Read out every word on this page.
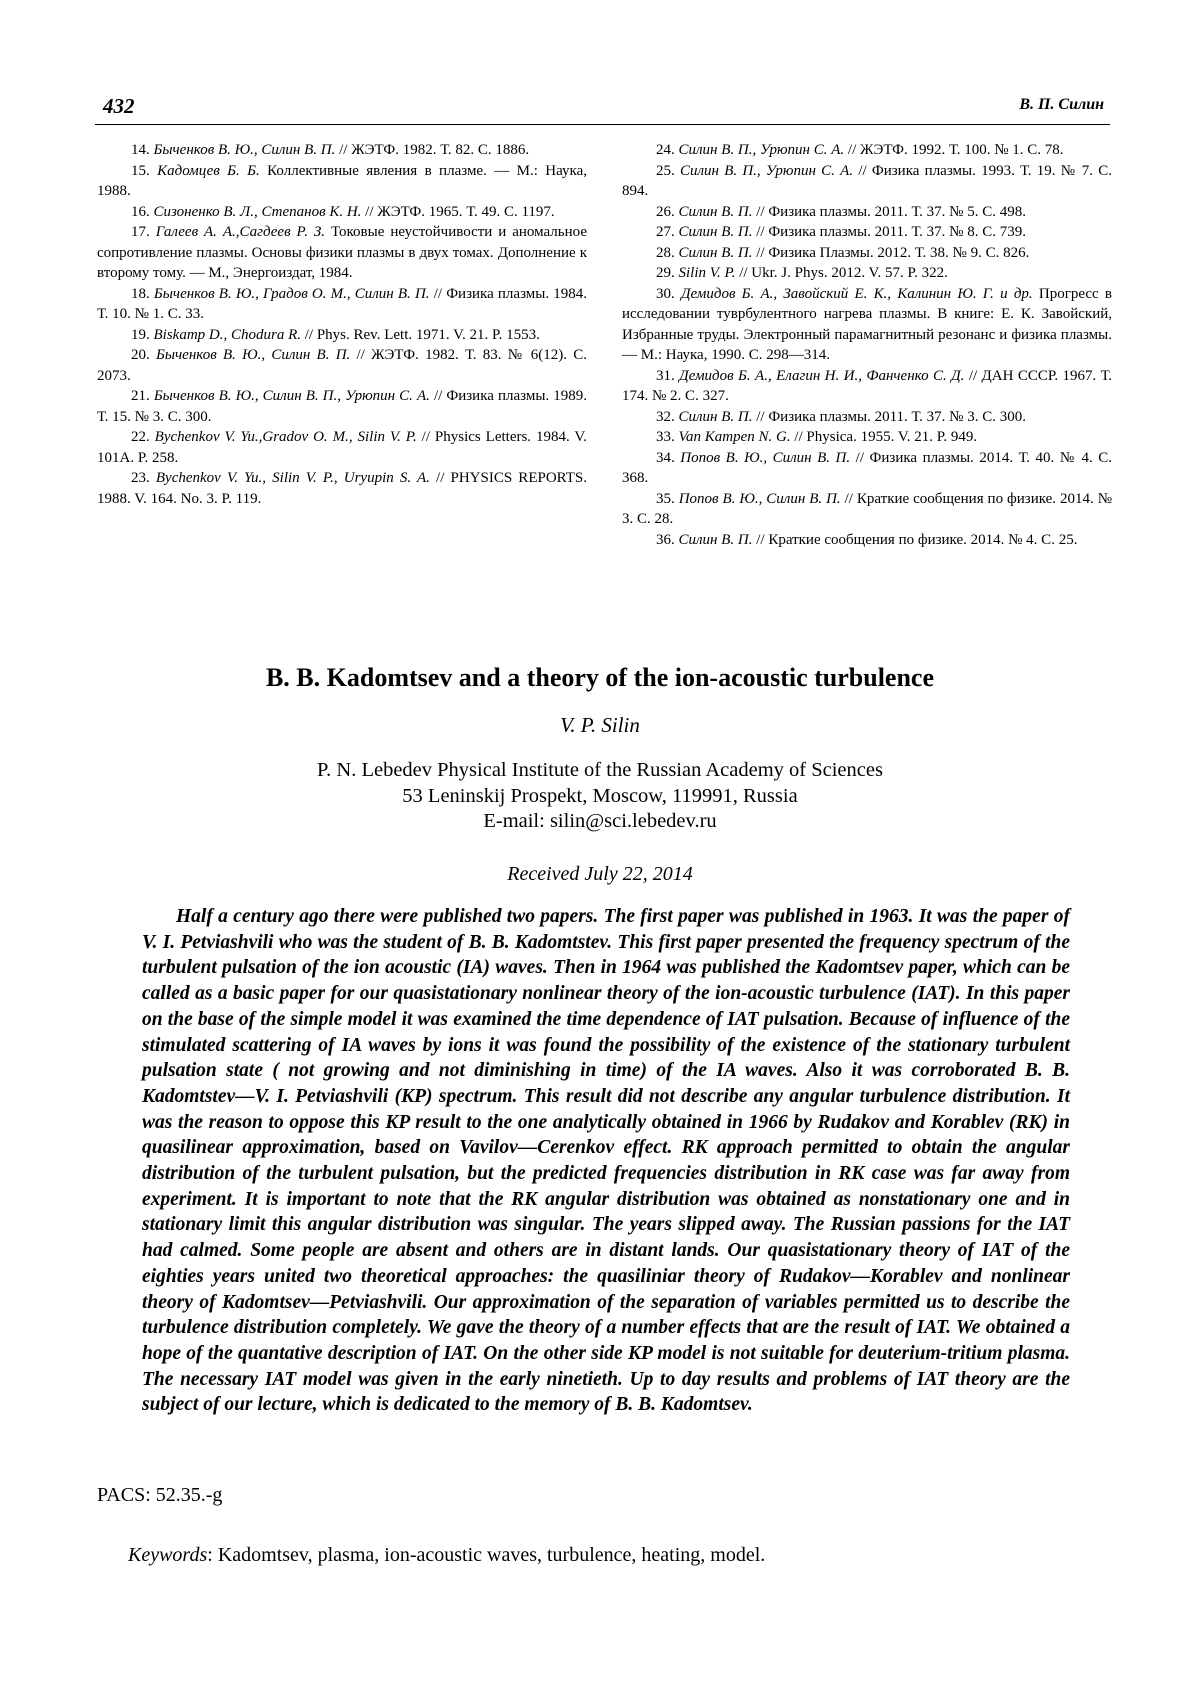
432	В. П. Силин

14. Быченков В. Ю., Силин В. П. // ЖЭТФ. 1982. Т. 82. С. 1886.

15. Кадомцев Б. Б. Коллективные явления в плазме. — М.: Наука, 1988.

16. Сизоненко В. Л., Степанов К. Н. // ЖЭТФ. 1965. Т. 49. С. 1197.

17. Галеев А. А.,Сагдеев Р. З. Токовые неустойчивости и аномальное сопротивление плазмы. Основы физики плазмы в двух томах. Дополнение к второму тому. — М., Энергоиздат, 1984.

18. Быченков В. Ю., Градов О. М., Силин В. П. // Физика плазмы. 1984. Т. 10. № 1. С. 33.

19. Biskamp D., Chodura R. // Phys. Rev. Lett. 1971. V. 21. P. 1553.

20. Быченков В. Ю., Силин В. П. // ЖЭТФ. 1982. Т. 83. № 6(12). С. 2073.

21. Быченков В. Ю., Силин В. П., Урюпин С. А. // Физика плазмы. 1989. Т. 15. № 3. С. 300.

22. Bychenkov V. Yu.,Gradov O. M., Silin V. P. // Physics Letters. 1984. V. 101A. P. 258.

23. Bychenkov V. Yu., Silin V. P., Uryupin S. A. // PHYSICS REPORTS. 1988. V. 164. No. 3. P. 119.

24. Силин В. П., Урюпин С. А. // ЖЭТФ. 1992. Т. 100. № 1. С. 78.

25. Силин В. П., Урюпин С. А. // Физика плазмы. 1993. Т. 19. № 7. С. 894.

26. Силин В. П. // Физика плазмы. 2011. Т. 37. № 5. С. 498.

27. Силин В. П. // Физика плазмы. 2011. Т. 37. № 8. С. 739.

28. Силин В. П. // Физика Плазмы. 2012. Т. 38. № 9. С. 826.

29. Silin V. P. // Ukr. J. Phys. 2012. V. 57. P. 322.

30. Демидов Б. А., Завойский Е. К., Калинин Ю. Г. и др. Прогресс в исследовании туврбулентного нагрева плазмы. В книге: Е. К. Завойский, Избранные труды. Электронный парамагнитный резонанс и физика плазмы. — М.: Наука, 1990. С. 298—314.

31. Демидов Б. А., Елагин Н. И., Фанченко С. Д. // ДАН СССР. 1967. Т. 174. № 2. С. 327.

32. Силин В. П. // Физика плазмы. 2011. Т. 37. № 3. С. 300.

33. Van Kampen N. G. // Physica. 1955. V. 21. P. 949.

34. Попов В. Ю., Силин В. П. // Физика плазмы. 2014. Т. 40. № 4. С. 368.

35. Попов В. Ю., Силин В. П. // Краткие сообщения по физике. 2014. № 3. С. 28.

36. Силин В. П. // Краткие сообщения по физике. 2014. № 4. С. 25.

B. B. Kadomtsev and a theory of the ion-acoustic turbulence
V. P. Silin
P. N. Lebedev Physical Institute of the Russian Academy of Sciences
53 Leninskij Prospekt, Moscow, 119991, Russia
E-mail: silin@sci.lebedev.ru
Received July 22, 2014

Half a century ago there were published two papers. The first paper was published in 1963. It was the paper of V. I. Petviashvili who was the student of B. B. Kadomtstev. This first paper presented the frequency spectrum of the turbulent pulsation of the ion acoustic (IA) waves. Then in 1964 was published the Kadomtsev paper, which can be called as a basic paper for our quasistationary nonlinear theory of the ion-acoustic turbulence (IAT). In this paper on the base of the simple model it was examined the time dependence of IAT pulsation. Because of influence of the stimulated scattering of IA waves by ions it was found the possibility of the existence of the stationary turbulent pulsation state ( not growing and not diminishing in time) of the IA waves. Also it was corroborated B. B. Kadomtstev—V. I. Petviashvili (KP) spectrum. This result did not describe any angular turbulence distribution. It was the reason to oppose this KP result to the one analytically obtained in 1966 by Rudakov and Korablev (RK) in quasilinear approximation, based on Vavilov—Cerenkov effect. RK approach permitted to obtain the angular distribution of the turbulent pulsation, but the predicted frequencies distribution in RK case was far away from experiment. It is important to note that the RK angular distribution was obtained as nonstationary one and in stationary limit this angular distribution was singular. The years slipped away. The Russian passions for the IAT had calmed. Some people are absent and others are in distant lands. Our quasistationary theory of IAT of the eighties years united two theoretical approaches: the quasiliniar theory of Rudakov—Korablev and nonlinear theory of Kadomtsev—Petviashvili. Our approximation of the separation of variables permitted us to describe the turbulence distribution completely. We gave the theory of a number effects that are the result of IAT. We obtained a hope of the quantative description of IAT. On the other side KP model is not suitable for deuterium-tritium plasma. The necessary IAT model was given in the early ninetieth. Up to day results and problems of IAT theory are the subject of our lecture, which is dedicated to the memory of B. B. Kadomtsev.

PACS: 52.35.-g
Keywords: Kadomtsev, plasma, ion-acoustic waves, turbulence, heating, model.
